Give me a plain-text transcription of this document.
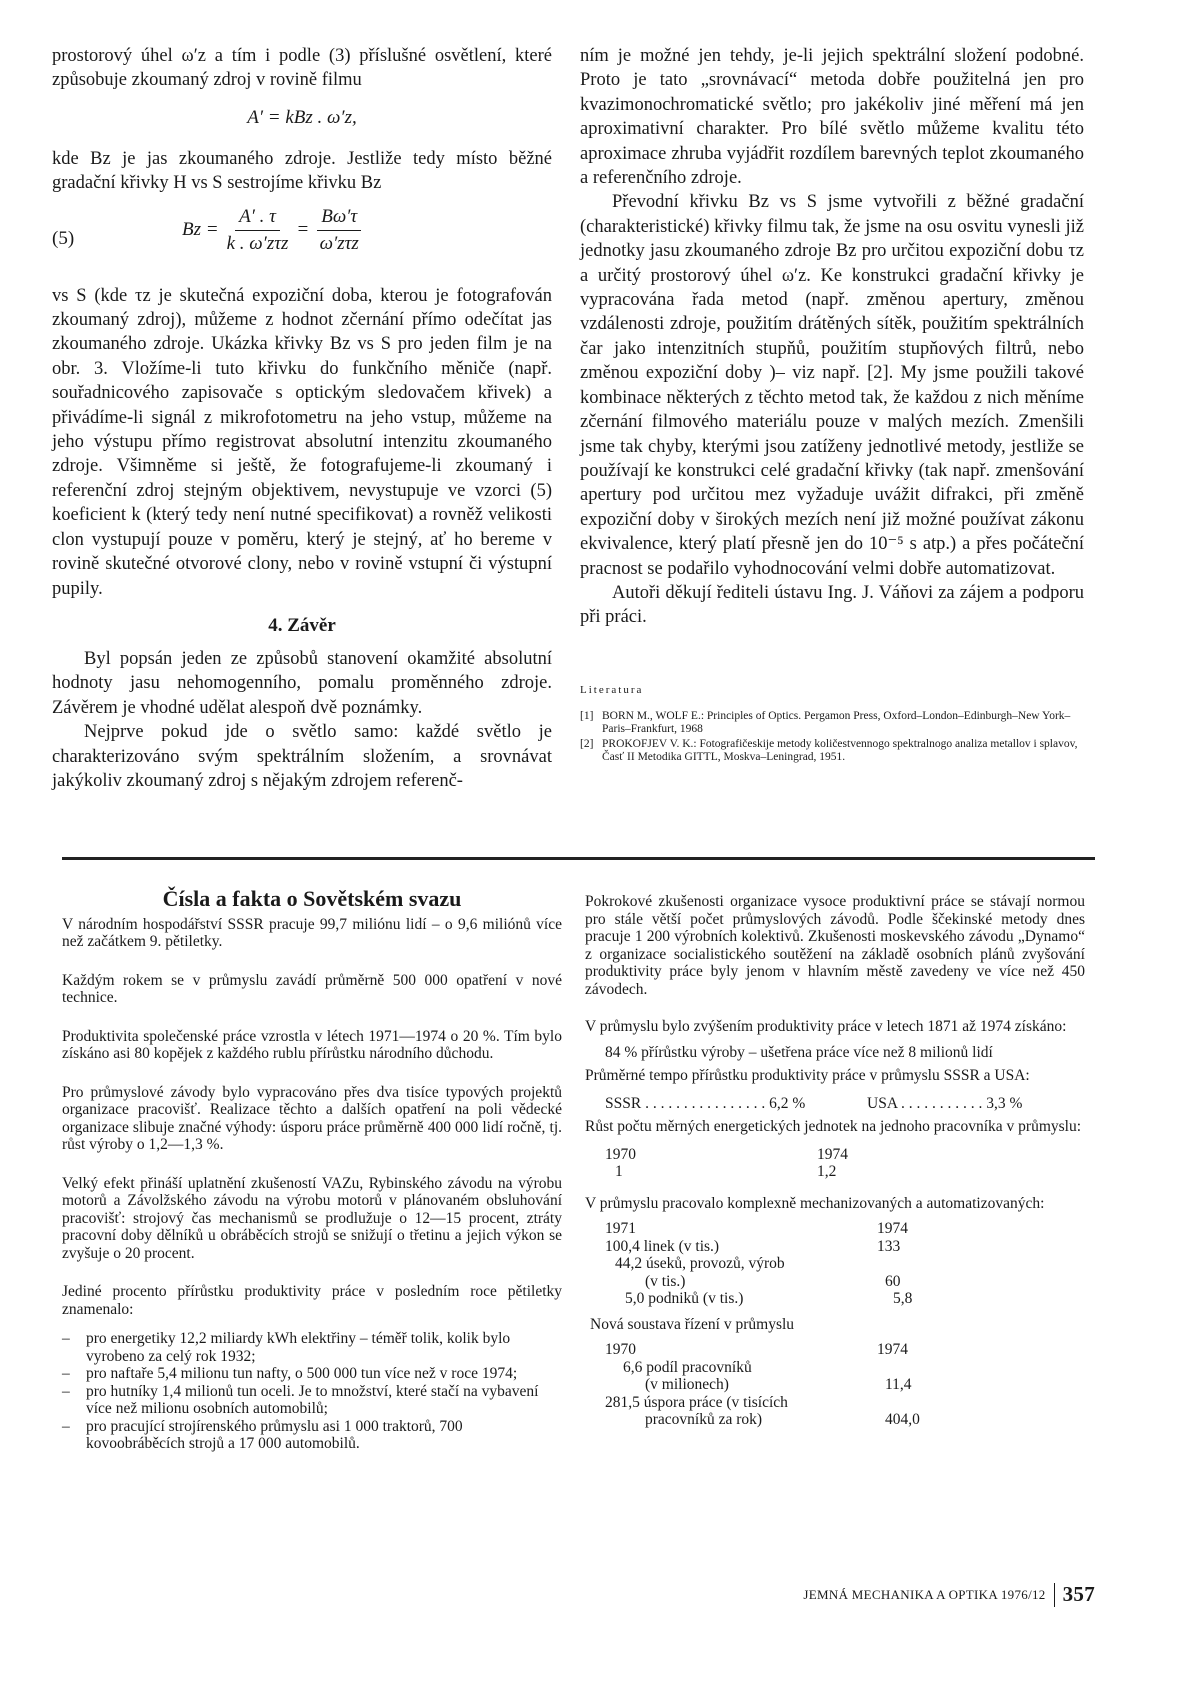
prostorový úhel ω′z a tím i podle (3) příslušné osvětlení, které způsobuje zkoumaný zdroj v rovině filmu

A′ = kBz . ω′z,

kde Bz je jas zkoumaného zdroje. Jestliže tedy místo běžné gradační křivky H vs S sestrojíme křivku Bz

(5)	$Bz = \frac{A' . \tau}{\text{k . ω′zτz}} = \frac{B\omega'\tau}{\text{ω′zτz}}$

vs S (kde τz je skutečná expoziční doba, kterou je fotografován zkoumaný zdroj), můžeme z hodnot zčernání přímo odečítat jas zkoumaného zdroje. Ukázka křivky Bz vs S pro jeden film je na obr. 3. Vložíme-li tuto křivku do funkčního měniče (např. souřadnicového zapisovače s optickým sledovačem křivek) a přivádíme-li signál z mikrofotometru na jeho vstup, můžeme na jeho výstupu přímo registrovat absolutní intenzitu zkoumaného zdroje. Všimněme si ještě, že fotografujeme-li zkoumaný i referenční zdroj stejným objektivem, nevystupuje ve vzorci (5) koeficient k (který tedy není nutné specifikovat) a rovněž velikosti clon vystupují pouze v poměru, který je stejný, ať ho bereme v rovině skutečné otvorové clony, nebo v rovině vstupní či výstupní pupily.

4. Závěr

Byl popsán jeden ze způsobů stanovení okamžité absolutní hodnoty jasu nehomogenního, pomalu proměnného zdroje. Závěrem je vhodné udělat alespoň dvě poznámky.

Nejprve pokud jde o světlo samo: každé světlo je charakterizováno svým spektrálním složením, a srovnávat jakýkoliv zkoumaný zdroj s nějakým zdrojem referenč-

ním je možné jen tehdy, je-li jejich spektrální složení podobné. Proto je tato „srovnávací“ metoda dobře použitelná jen pro kvazimonochromatické světlo; pro jakékoliv jiné měření má jen aproximativní charakter. Pro bílé světlo můžeme kvalitu této aproximace zhruba vyjádřit rozdílem barevných teplot zkoumaného a referenčního zdroje.

Převodní křivku Bz vs S jsme vytvořili z běžné gradační (charakteristické) křivky filmu tak, že jsme na osu osvitu vynesli již jednotky jasu zkoumaného zdroje Bz pro určitou expoziční dobu τz a určitý prostorový úhel ω′z. Ke konstrukci gradační křivky je vypracována řada metod (např. změnou apertury, změnou vzdálenosti zdroje, použitím drátěných sítěk, použitím spektrálních čar jako intenzitních stupňů, použitím stupňových filtrů, nebo změnou expoziční doby )– viz např. [2]. My jsme použili takové kombinace některých z těchto metod tak, že každou z nich měníme zčernání filmového materiálu pouze v malých mezích. Zmenšili jsme tak chyby, kterými jsou zatíženy jednotlivé metody, jestliže se používají ke konstrukci celé gradační křivky (tak např. zmenšování apertury pod určitou mez vyžaduje uvážit difrakci, při změně expoziční doby v širokých mezích není již možné používat zákonu ekvivalence, který platí přesně jen do 10⁻⁵ s atp.) a přes počáteční pracnost se podařilo vyhodnocování velmi dobře automatizovat.

Autoři děkují řediteli ústavu Ing. J. Váňovi za zájem a podporu při práci.

Literatura
[1] BORN M., WOLF E.: Principles of Optics. Pergamon Press, Oxford–London–Edinburgh–New York–Paris–Frankfurt, 1968
[2] PROKOFJEV V. K.: Fotografičeskije metody količestvennogo spektralnogo analiza metallov i splavov, Časť II Metodika GITTL, Moskva–Leningrad, 1951.
Čísla a fakta o Sovětském svazu

V národním hospodářství SSSR pracuje 99,7 miliónu lidí – o 9,6 miliónů více než začátkem 9. pětiletky.

Každým rokem se v průmyslu zavádí průměrně 500 000 opatření v nové technice.

Produktivita společenské práce vzrostla v létech 1971—1974 o 20 %. Tím bylo získáno asi 80 kopějek z každého rublu přírůstku národního důchodu.

Pro průmyslové závody bylo vypracováno přes dva tisíce typových projektů organizace pracovišť. Realizace těchto a dalších opatření na poli vědecké organizace slibuje značné výhody: úsporu práce průměrně 400 000 lidí ročně, tj. růst výroby o 1,2—1,3 %.

Velký efekt přináší uplatnění zkušeností VAZu, Rybinského závodu na výrobu motorů a Závolžského závodu na výrobu motorů v plánovaném obsluhování pracovišť: strojový čas mechanismů se prodlužuje o 12—15 procent, ztráty pracovní doby dělníků u obráběcích strojů se snižují o třetinu a jejich výkon se zvyšuje o 20 procent.

Jediné procento přírůstku produktivity práce v posledním roce pětiletky znamenalo:

–	pro energetiky 12,2 miliardy kWh elektřiny – téměř tolik, kolik bylo vyrobeno za celý rok 1932;
–	pro naftaře 5,4 milionu tun nafty, o 500 000 tun více než v roce 1974;
–	pro hutníky 1,4 milionů tun oceli. Je to množství, které stačí na vybavení více než milionu osobních automobilů;
–	pro pracující strojírenského průmyslu asi 1 000 traktorů, 700 kovoobráběcích strojů a 17 000 automobilů.

Pokrokové zkušenosti organizace vysoce produktivní práce se stávají normou pro stále větší počet průmyslových závodů. Podle ščekinské metody dnes pracuje 1 200 výrobních kolektivů. Zkušenosti moskevského závodu „Dynamo“ z organizace socialistického soutěžení na základě osobních plánů zvyšování produktivity práce byly jenom v hlavním městě zavedeny ve více než 450 závodech.

V průmyslu bylo zvýšením produktivity práce v letech 1871 až 1974 získáno:

84 % přírůstku výroby – ušetřena práce více než 8 milionů lidí

Průměrné tempo přírůstku produktivity práce v průmyslu SSSR a USA:

SSSR . . . . . . . . . . . . . . . . 6,2 %	USA . . . . . . . . . . . 3,3 %

Růst počtu měrných energetických jednotek na jednoho pracovníka v průmyslu:

1970	1974
1	1,2

V průmyslu pracovalo komplexně mechanizovaných a automatizovaných:

1971	1974
100,4 linek (v tis.)	133
44,2 úseků, provozů, výrob
(v tis.)	60
5,0 podniků (v tis.)	5,8

Nová soustava řízení v průmyslu

1970	1974
6,6 podíl pracovníků
(v milionech)	11,4
281,5 úspora práce (v tisících
pracovníků za rok)	404,0
JEMNÁ MECHANIKA A OPTIKA 1976/12 357
